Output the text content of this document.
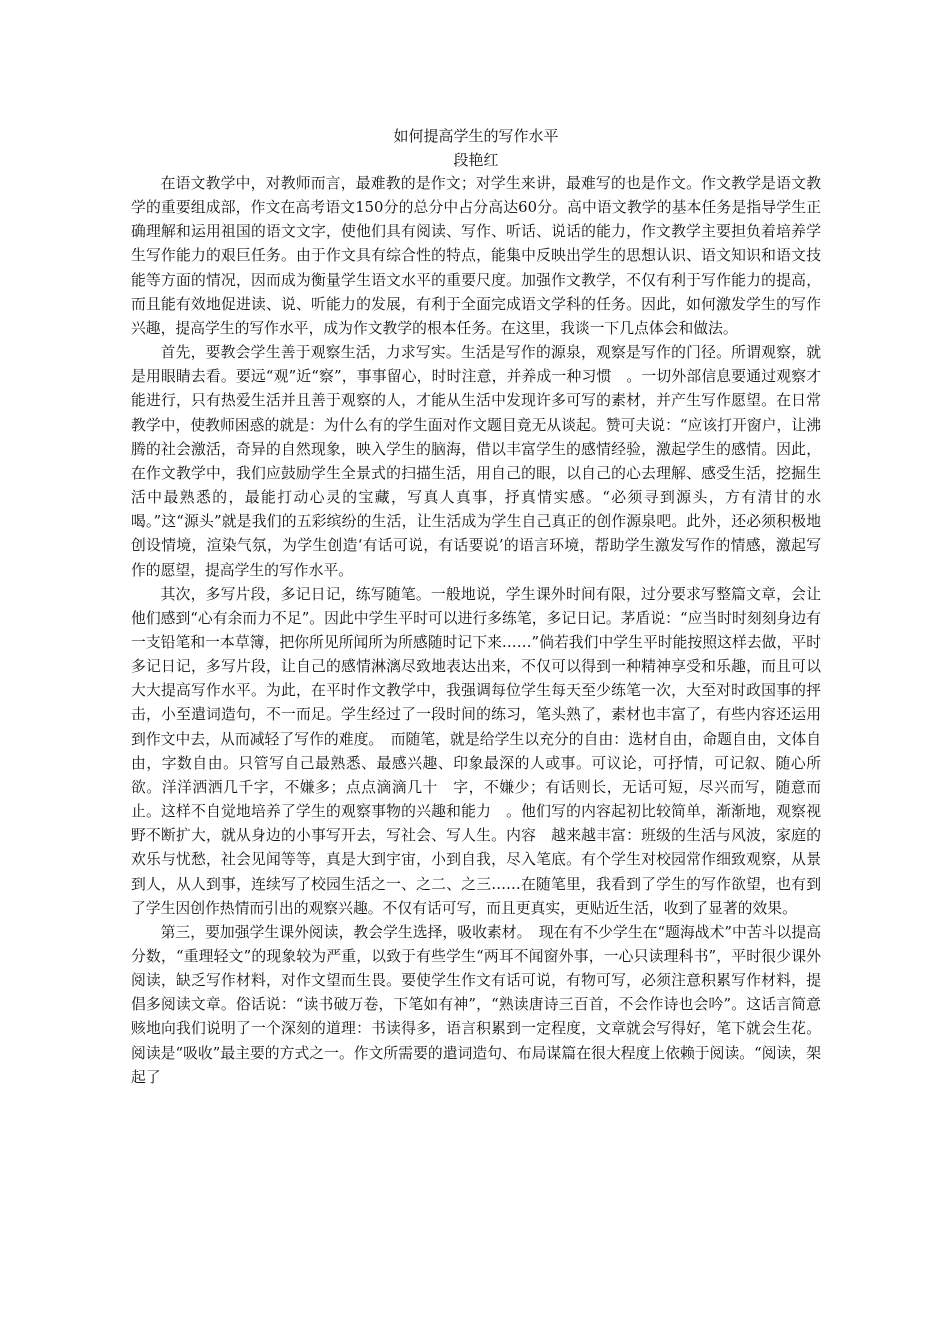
如何提高学生的写作水平
段艳红

在语文教学中，对教师而言，最难教的是作文；对学生来讲，最难写的也是作文。作文教学是语文教学的重要组成部，作文在高考语文150分的总分中占分高达60分。高中语文教学的基本任务是指导学生正确理解和运用祖国的语文文字，使他们具有阅读、写作、听话、说话的能力，作文教学主要担负着培养学生写作能力的艰巨任务。由于作文具有综合性的特点，能集中反映出学生的思想认识、语文知识和语文技能等方面的情况，因而成为衡量学生语文水平的重要尺度。加强作文教学，不仅有利于写作能力的提高，而且能有效地促进读、说、听能力的发展，有利于全面完成语文学科的任务。因此，如何激发学生的写作兴趣，提高学生的写作水平，成为作文教学的根本任务。在这里，我谈一下几点体会和做法。

首先，要教会学生善于观察生活，力求写实。生活是写作的源泉，观察是写作的门径。所谓观察，就是用眼睛去看。要远“观”近“察”，事事留心，时时注意，并养成一种习惯　。一切外部信息要通过观察才能进行，只有热爱生活并且善于观察的人，才能从生活中发现许多可写的素材，并产生写作愿望。在日常教学中，使教师困惑的就是：为什么有的学生面对作文题目竟无从谈起。赞可夫说：“应该打开窗户，让沸腾的社会激活，奇异的自然现象，映入学生的脑海，借以丰富学生的感情经验，激起学生的感情。因此，在作文教学中，我们应鼓励学生全景式的扫描生活，用自己的眼，以自己的心去理解、感受生活，挖掘生活中最熟悉的，最能打动心灵的宝藏，写真人真事，抒真情实感。“必须寻到源头，方有清甘的水喝。”这“源头”就是我们的五彩缤纷的生活，让生活成为学生自己真正的创作源泉吧。此外，还必须积极地创设情境，渲染气氛，为学生创造‘有话可说，有话要说’的语言环境，帮助学生激发写作的情感，激起写作的愿望，提高学生的写作水平。

其次，多写片段，多记日记，练写随笔。一般地说，学生课外时间有限，过分要求写整篇文章，会让他们感到“心有余而力不足”。因此中学生平时可以进行多练笔，多记日记。茅盾说：“应当时时刻刻身边有一支铅笔和一本草簿，把你所见所闻所为所感随时记下来……”倘若我们中学生平时能按照这样去做，平时多记日记，多写片段，让自己的感情淋漓尽致地表达出来，不仅可以得到一种精神享受和乐趣，而且可以大大提高写作水平。为此，在平时作文教学中，我强调每位学生每天至少练笔一次，大至对时政国事的抨击，小至遣词造句，不一而足。学生经过了一段时间的练习，笔头熟了，素材也丰富了，有些内容还运用到作文中去，从而减轻了写作的难度。　而随笔，就是给学生以充分的自由：选材自由，命题自由，文体自由，字数自由。只管写自己最熟悉、最感兴趣、印象最深的人或事。可议论，可抒情，可记叙、随心所欲。洋洋洒洒几千字，不嫌多；点点滴滴几十　字，不嫌少；有话则长，无话可短，尽兴而写，随意而止。这样不自觉地培养了学生的观察事物的兴趣和能力　。他们写的内容起初比较简单，渐渐地，观察视野不断扩大，就从身边的小事写开去，写社会、写人生。内容　越来越丰富：班级的生活与风波，家庭的欢乐与忧愁，社会见闻等等，真是大到宇宙，小到自我，尽入笔底。有个学生对校园常作细致观察，从景到人，从人到事，连续写了校园生活之一、之二、之三……在随笔里，我看到了学生的写作欲望，也有到了学生因创作热情而引出的观察兴趣。不仅有话可写，而且更真实，更贴近生活，收到了显著的效果。

第三，要加强学生课外阅读，教会学生选择，吸收素材。　现在有不少学生在“题海战术”中苦斗以提高分数，“重理轻文”的现象较为严重，以致于有些学生“两耳不闻窗外事，一心只读理科书”，平时很少课外阅读，缺乏写作材料，对作文望而生畏。要使学生作文有话可说，有物可写，必须注意积累写作材料，提倡多阅读文章。俗话说：“读书破万卷，下笔如有神”，“熟读唐诗三百首，不会作诗也会吟”。这话言简意赅地向我们说明了一个深刻的道理：书读得多，语言积累到一定程度，文章就会写得好，笔下就会生花。阅读是“吸收”最主要的方式之一。作文所需要的遣词造句、布局谋篇在很大程度上依赖于阅读。“阅读，架起了
